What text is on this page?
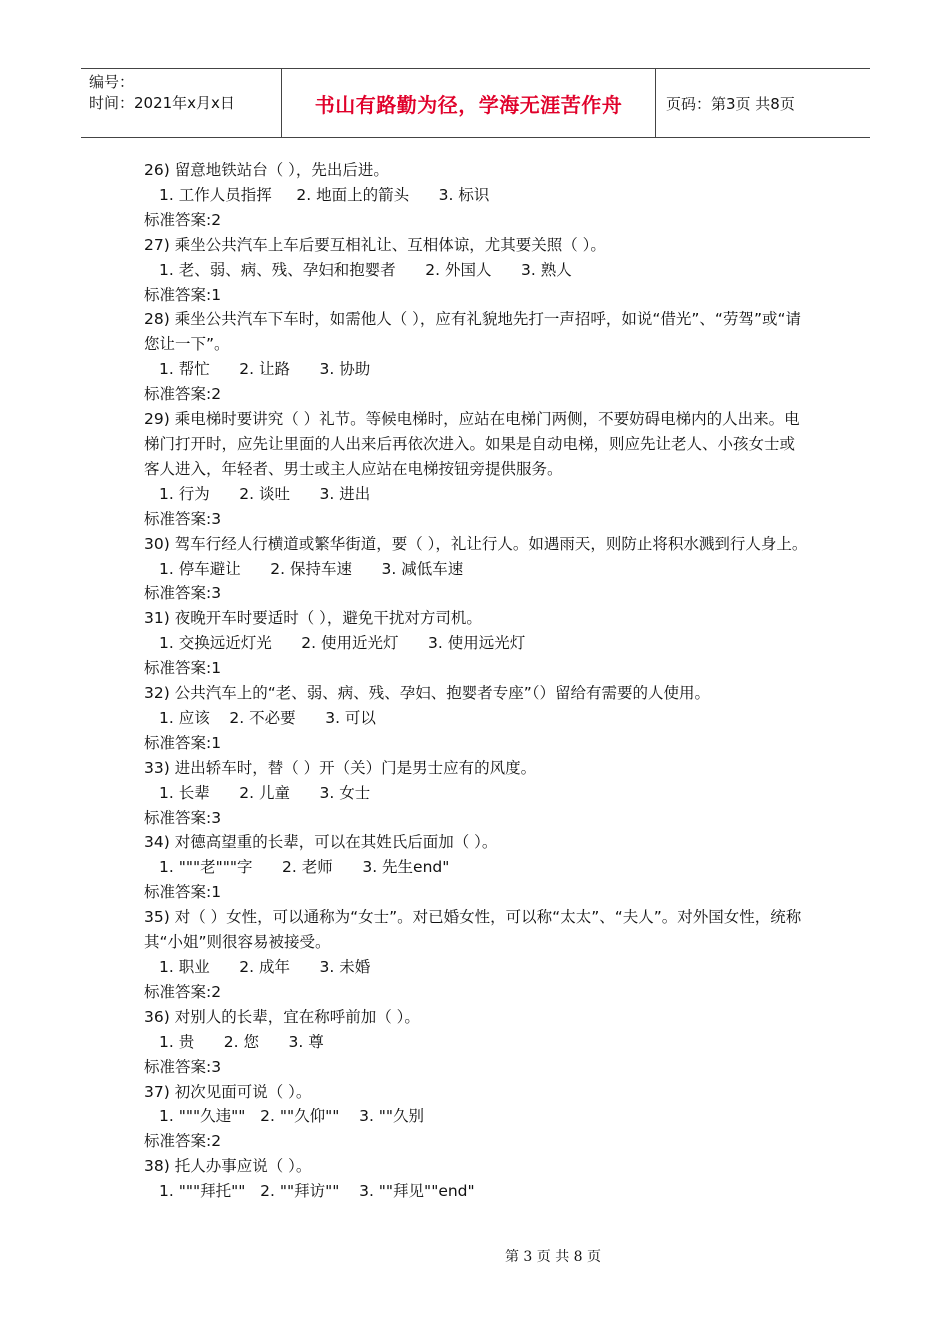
编号：
时间：2021年x月x日	书山有路勤为径，学海无涯苦作舟	页码：第3页 共8页

26) 留意地铁站台（ ），先出后进。

1. 工作人员指挥     2. 地面上的箭头      3. 标识

标准答案:2

27) 乘坐公共汽车上车后要互相礼让、互相体谅，尤其要关照（ ）。

1. 老、弱、病、残、孕妇和抱婴者      2. 外国人      3. 熟人

标准答案:1

28) 乘坐公共汽车下车时，如需他人（ ），应有礼貌地先打一声招呼，如说“借光”、“劳驾”或“请您让一下”。

1. 帮忙      2. 让路      3. 协助

标准答案:2

29) 乘电梯时要讲究（ ）礼节。等候电梯时，应站在电梯门两侧，不要妨碍电梯内的人出来。电梯门打开时，应先让里面的人出来后再依次进入。如果是自动电梯，则应先让老人、小孩女士或客人进入，年轻者、男士或主人应站在电梯按钮旁提供服务。

1. 行为      2. 谈吐      3. 进出

标准答案:3

30) 驾车行经人行横道或繁华街道，要（ ），礼让行人。如遇雨天，则防止将积水溅到行人身上。

1. 停车避让      2. 保持车速      3. 减低车速

标准答案:3

31) 夜晚开车时要适时（ ），避免干扰对方司机。

1. 交换远近灯光      2. 使用近光灯      3. 使用远光灯

标准答案:1

32) 公共汽车上的“老、弱、病、残、孕妇、抱婴者专座”（）留给有需要的人使用。

1. 应该    2. 不必要      3. 可以

标准答案:1

33) 进出轿车时，替（ ）开（关）门是男士应有的风度。

1. 长辈      2. 儿童      3. 女士

标准答案:3

34) 对德高望重的长辈，可以在其姓氏后面加（ ）。

1. """老"""字      2. 老师      3. 先生end"

标准答案:1

35) 对（ ）女性，可以通称为“女士”。对已婚女性，可以称“太太”、“夫人”。对外国女性，统称其“小姐”则很容易被接受。

1. 职业      2. 成年      3. 未婚

标准答案:2

36) 对别人的长辈，宜在称呼前加（ ）。

1. 贵      2. 您      3. 尊

标准答案:3

37) 初次见面可说（ ）。

1. """久违""   2. ""久仰""    3. ""久别

标准答案:2

38) 托人办事应说（ ）。

1. """拜托""   2. ""拜访""    3. ""拜见""end"

第 3 页 共 8 页
